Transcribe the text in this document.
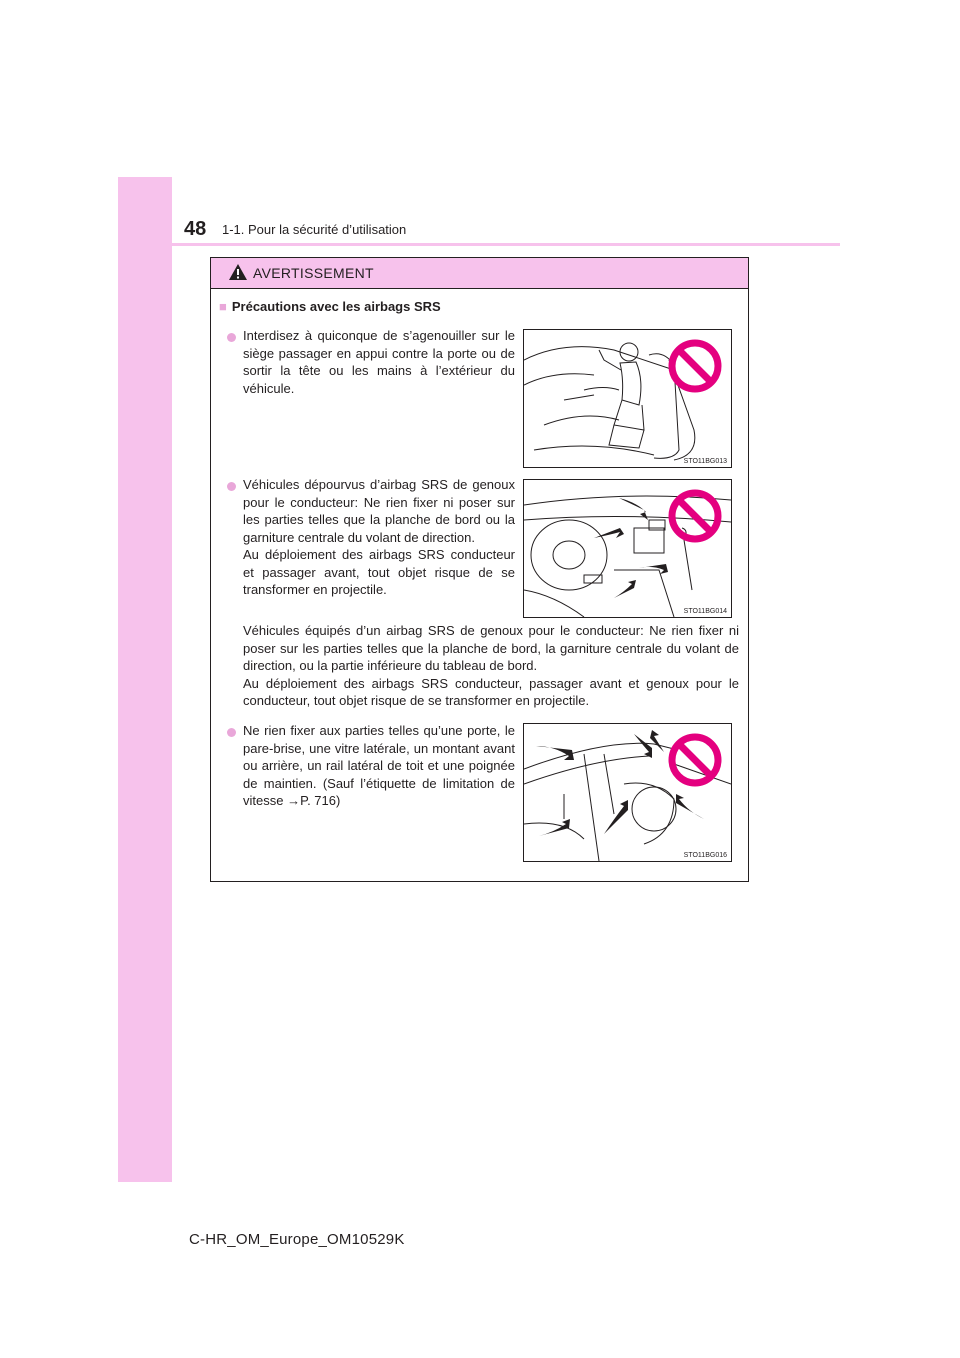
48 1-1. Pour la sécurité d’utilisation
AVERTISSEMENT
■ Précautions avec les airbags SRS
Interdisez à quiconque de s’agenouiller sur le siège passager en appui contre la porte ou de sortir la tête ou les mains à l’extérieur du véhicule.
STO11BG013
Véhicules dépourvus d’airbag SRS de genoux pour le conducteur: Ne rien fixer ni poser sur les parties telles que la planche de bord ou la garniture centrale du volant de direction.
Au déploiement des airbags SRS conducteur et passager avant, tout objet risque de se transformer en projectile.
STO11BG014
Véhicules équipés d’un airbag SRS de genoux pour le conducteur: Ne rien fixer ni poser sur les parties telles que la planche de bord, la garniture centrale du volant de direction, ou la partie inférieure du tableau de bord.
Au déploiement des airbags SRS conducteur, passager avant et genoux pour le conducteur, tout objet risque de se transformer en projectile.
Ne rien fixer aux parties telles qu’une porte, le pare-brise, une vitre latérale, un montant avant ou arrière, un rail latéral de toit et une poignée de maintien. (Sauf l’étiquette de limitation de vitesse →P. 716)
STO11BG016
C-HR_OM_Europe_OM10529K
